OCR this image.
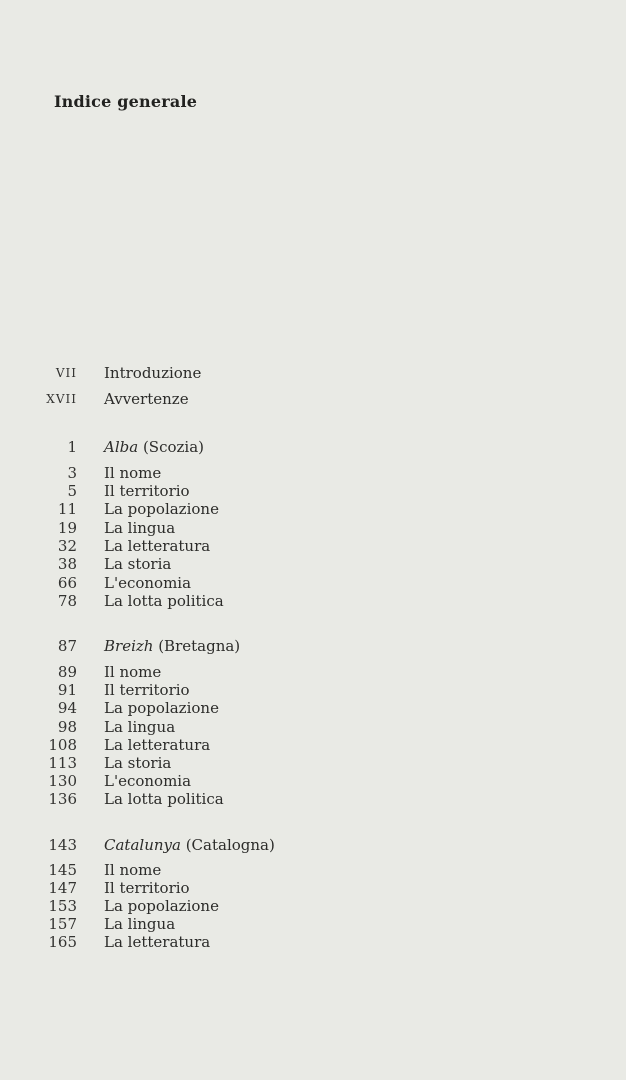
Indice generale
VII Introduzione
XVII Avvertenze
1 Alba (Scozia)
3 Il nome
5 Il territorio
11 La popolazione
19 La lingua
32 La letteratura
38 La storia
66 L'economia
78 La lotta politica
87 Breizh (Bretagna)
89 Il nome
91 Il territorio
94 La popolazione
98 La lingua
108 La letteratura
113 La storia
130 L'economia
136 La lotta politica
143 Catalunya (Catalogna)
145 Il nome
147 Il territorio
153 La popolazione
157 La lingua
165 La letteratura
